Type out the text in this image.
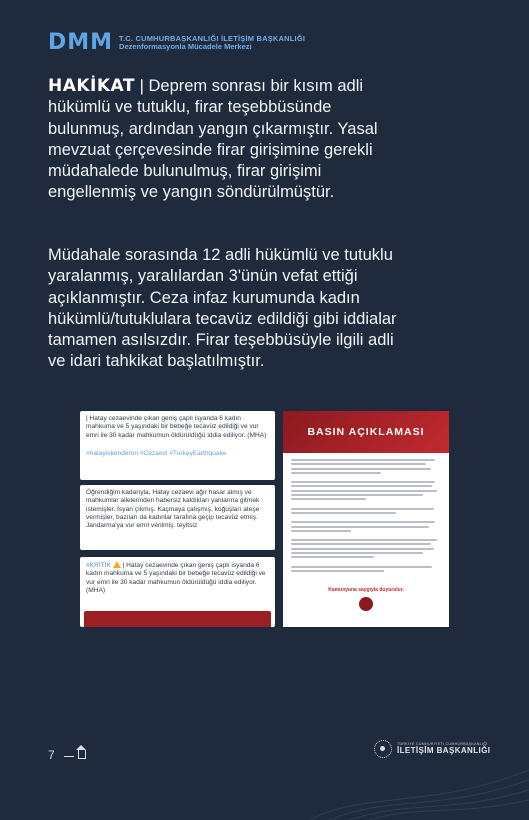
DMM T.C. CUMHURBAŞKANLIĞI İLETİŞİM BAŞKANLIĞI
Dezenformasyonla Mücadele Merkezi
HAKİKAT | Deprem sonrası bir kısım adli hükümlü ve tutuklu, firar teşebbüsünde bulunmuş, ardından yangın çıkarmıştır. Yasal mevzuat çerçevesinde firar girişimine gerekli müdahalede bulunulmuş, firar girişimi engellenmiş ve yangın söndürülmüştür.
Müdahale sorasında 12 adli hükümlü ve tutuklu yaralanmış, yaralılardan 3'ünün vefat ettiği açıklanmıştır. Ceza infaz kurumunda kadın hükümlü/tutuklulara tecavüz edildiği gibi iddialar tamamen asılsızdır. Firar teşebbüsüyle ilgili adli ve idari tahkikat başlatılmıştır.
| Hatay cezaevinde çıkan geniş çaplı isyanda 6 kadın mahkuma ve 5 yaşındaki bir bebeğe tecavüz edildiği ve vur emri ile 30 kadar mahkumun öldürüldüğü iddia ediliyor. (MHA)
#hatayiskenderun #Cezaevi #TurkeyEarthquake
Öğrendiğim kadarıyla, Hatay cezaevi ağır hasar almış ve mahkumlar ailelerinden habersiz kaldıkları yanlarına gitmek istemişler. İsyan çıkmış. Kaçmaya çalışmış, koğuşları ateşe vermişler, bazıları da kadınlar tarafına geçip tecavüz etmiş. Jandarma'ya vur emri verilmiş. teyitsiz
#KRİTİK | Hatay cezaevinde çıkan geniş çaplı isyanda 6 kadın mahkuma ve 5 yaşındaki bir bebeğe tecavüz edildiği ve vur emri ile 30 kadar mahkumun öldürüldüğü iddia ediliyor. (MHA)
BASIN AÇIKLAMASI
Kamuoyuna saygıyla duyurulur.
7
TÜRKİYE CUMHURİYETİ CUMHURBAŞKANLIĞI
İLETİŞİM BAŞKANLIĞI
